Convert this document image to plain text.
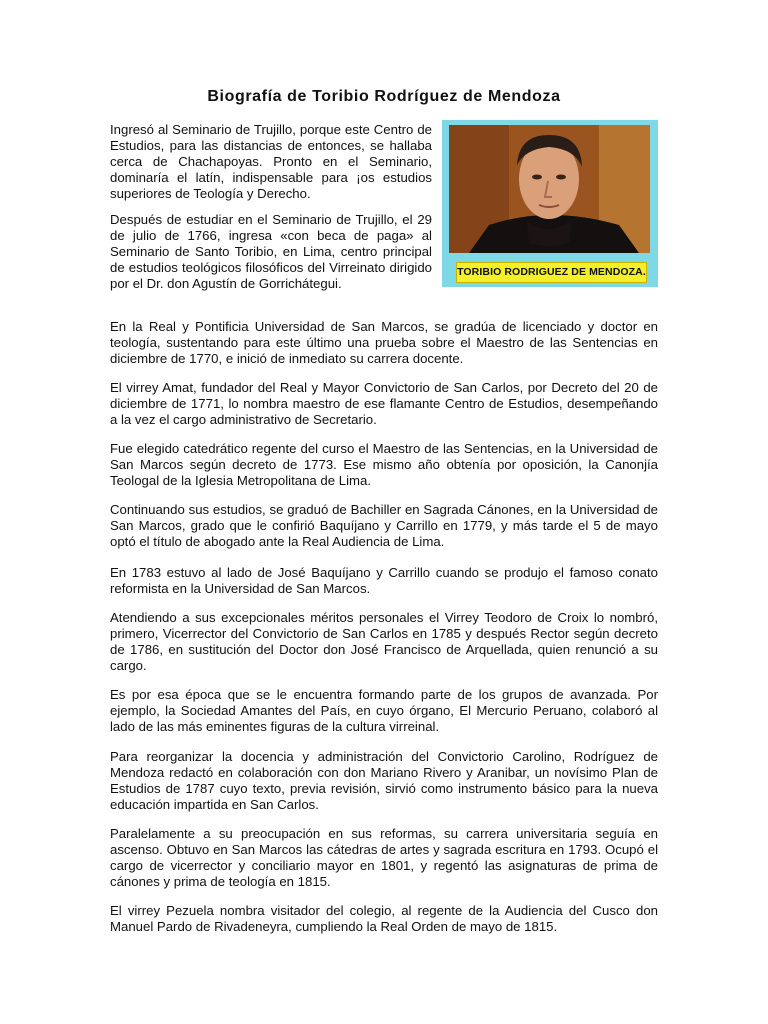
Biografía de Toribio Rodríguez de Mendoza
TORIBIO RODRIGUEZ DE MENDOZA.

Ingresó al Seminario de Trujillo, porque este Centro de Estudios, para las distancias de entonces, se hallaba cerca de Chachapoyas. Pronto en el Seminario, dominaría el latín, indispensable para ¡os estudios superiores de Teología y Derecho.

Después de estudiar en el Seminario de Trujillo, el 29 de julio de 1766, ingresa «con beca de paga» al Seminario de Santo Toribio, en Lima, centro principal de estudios teológicos filosóficos del Virreinato dirigido por el Dr. don Agustín de Gorrichátegui.

En la Real y Pontificia Universidad de San Marcos, se gradúa de licenciado y doctor en teología, sustentando para este último una prueba sobre el Maestro de las Sentencias en diciembre de 1770, e inició de inmediato su carrera docente.

El virrey Amat, fundador del Real y Mayor Convictorio de San Carlos, por Decreto del 20 de diciembre de 1771, lo nombra maestro de ese flamante Centro de Estudios, desempeñando a la vez el cargo administrativo de Secretario.

Fue elegido catedrático regente del curso el Maestro de las Sentencias, en la Universidad de San Marcos según decreto de 1773. Ese mismo año obtenía por oposición, la Canonjía Teologal de la Iglesia Metropolitana de Lima.

Continuando sus estudios, se graduó de Bachiller en Sagrada Cánones, en la Universidad de San Marcos, grado que le confirió Baquíjano y Carrillo en 1779, y más tarde el 5 de mayo optó el título de abogado ante la Real Audiencia de Lima.

En 1783 estuvo al lado de José Baquíjano y Carrillo cuando se produjo el famoso conato reformista en la Universidad de San Marcos.

Atendiendo a sus excepcionales méritos personales el Virrey Teodoro de Croix lo nombró, primero, Vicerrector del Convictorio de San Carlos en 1785 y después Rector según decreto de 1786, en sustitución del Doctor don José Francisco de Arquellada, quien renunció a su cargo.

Es por esa época que se le encuentra formando parte de los grupos de avanzada. Por ejemplo, la Sociedad Amantes del País, en cuyo órgano, El Mercurio Peruano, colaboró al lado de las más eminentes figuras de la cultura virreinal.

Para reorganizar la docencia y administración del Convictorio Carolino, Rodríguez de Mendoza redactó en colaboración con don Mariano Rivero y Aranibar, un novísimo Plan de Estudios de 1787 cuyo texto, previa revisión, sirvió como instrumento básico para la nueva educación impartida en San Carlos.

Paralelamente a su preocupación en sus reformas, su carrera universitaria seguía en ascenso. Obtuvo en San Marcos las cátedras de artes y sagrada escritura en 1793. Ocupó el cargo de vicerrector y conciliario mayor en 1801, y regentó las asignaturas de prima de cánones y prima de teología en 1815.

El virrey Pezuela nombra visitador del colegio, al regente de la Audiencia del Cusco don Manuel Pardo de Rivadeneyra, cumpliendo la Real Orden de mayo de 1815.
